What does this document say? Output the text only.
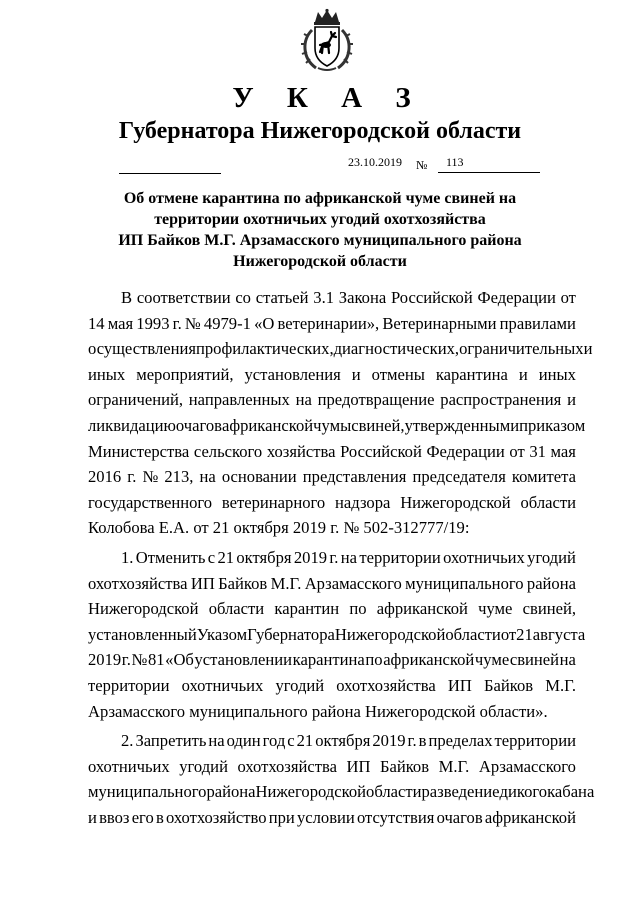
У К А З
Губернатора Нижегородской области
23.10.2019 № 113
Об отмене карантина по африканской чуме свиней на
территории охотничьих угодий охотхозяйства
ИП Байков М.Г. Арзамасского муниципального района
Нижегородской области
В соответствии со статьей 3.1 Закона Российской Федерации от
14 мая 1993 г. № 4979-1 «О ветеринарии», Ветеринарными правилами
осуществления профилактических, диагностических, ограничительных и
иных мероприятий, установления и отмены карантина и иных
ограничений, направленных на предотвращение распространения и
ликвидацию очагов африканской чумы свиней, утвержденными приказом
Министерства сельского хозяйства Российской Федерации от 31 мая
2016 г. № 213, на основании представления председателя комитета
государственного ветеринарного надзора Нижегородской области
Колобова Е.А. от 21 октября 2019 г. № 502-312777/19:
1. Отменить с 21 октября 2019 г. на территории охотничьих угодий
охотхозяйства ИП Байков М.Г. Арзамасского муниципального района
Нижегородской области карантин по африканской чуме свиней,
установленный Указом Губернатора Нижегородской области от 21 августа
2019 г. № 81 «Об установлении карантина по африканской чуме свиней на
территории охотничьих угодий охотхозяйства ИП Байков М.Г.
Арзамасского муниципального района Нижегородской области».
2. Запретить на один год с 21 октября 2019 г. в пределах территории
охотничьих угодий охотхозяйства ИП Байков М.Г. Арзамасского
муниципального района Нижегородской области разведение дикого кабана
и ввоз его в охотхозяйство при условии отсутствия очагов африканской
